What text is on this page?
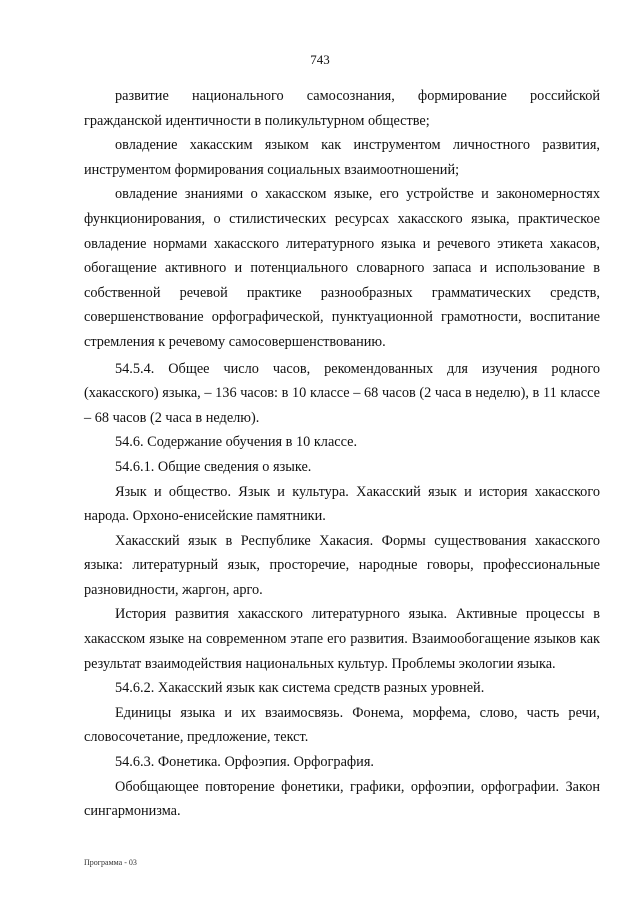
743

развитие национального самосознания, формирование российской гражданской идентичности в поликультурном обществе;

овладение хакасским языком как инструментом личностного развития, инструментом формирования социальных взаимоотношений;

овладение знаниями о хакасском языке, его устройстве и закономерностях функционирования, о стилистических ресурсах хакасского языка, практическое овладение нормами хакасского литературного языка и речевого этикета хакасов, обогащение активного и потенциального словарного запаса и использование в собственной речевой практике разнообразных грамматических средств, совершенствование орфографической, пунктуационной грамотности, воспитание стремления к речевому самосовершенствованию.

54.5.4. Общее число часов, рекомендованных для изучения родного (хакасского) языка, – 136 часов: в 10 классе – 68 часов (2 часа в неделю), в 11 классе – 68 часов (2 часа в неделю).

54.6. Содержание обучения в 10 классе.

54.6.1. Общие сведения о языке.

Язык и общество. Язык и культура. Хакасский язык и история хакасского народа. Орхоно-енисейские памятники.

Хакасский язык в Республике Хакасия. Формы существования хакасского языка: литературный язык, просторечие, народные говоры, профессиональные разновидности, жаргон, арго.

История развития хакасского литературного языка. Активные процессы в хакасском языке на современном этапе его развития. Взаимообогащение языков как результат взаимодействия национальных культур. Проблемы экологии языка.

54.6.2. Хакасский язык как система средств разных уровней.

Единицы языка и их взаимосвязь. Фонема, морфема, слово, часть речи, словосочетание, предложение, текст.

54.6.3. Фонетика. Орфоэпия. Орфография.

Обобщающее повторение фонетики, графики, орфоэпии, орфографии. Закон сингармонизма.

Программа - 03
